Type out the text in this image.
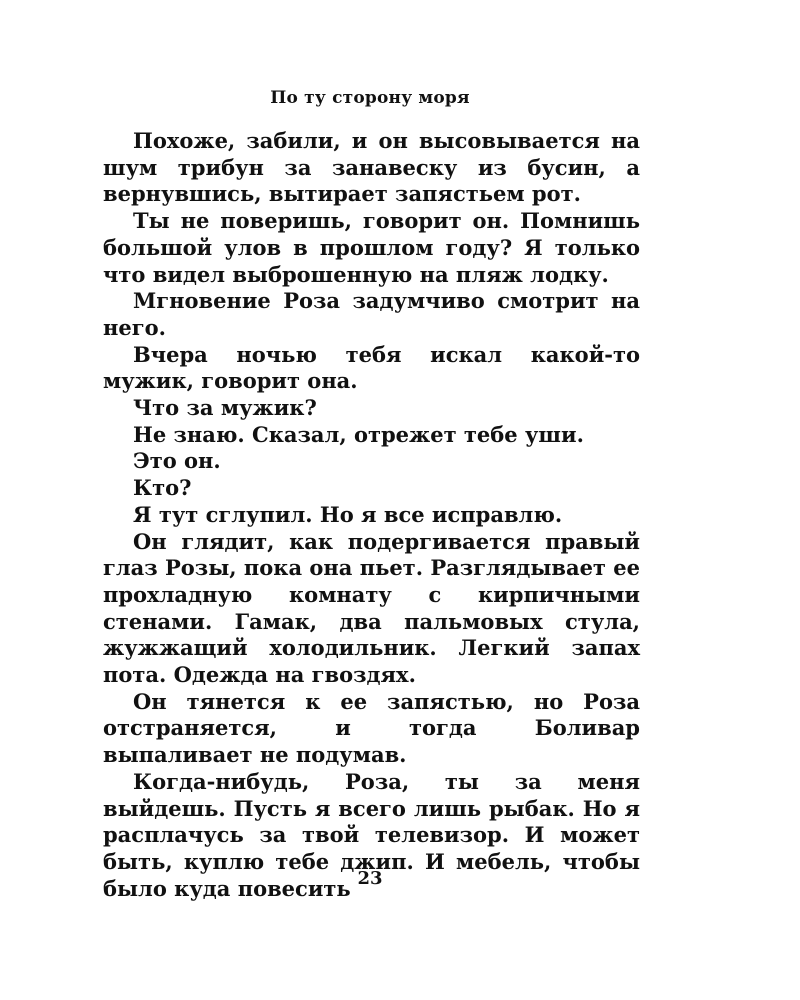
По ту сторону моря

Похоже, забили, и он высовывается на шум трибун за занавеску из бусин, а вернувшись, вытирает запястьем рот.

Ты не поверишь, говорит он. Помнишь большой улов в прошлом году? Я только что видел выброшенную на пляж лодку.

Мгновение Роза задумчиво смотрит на него.

Вчера ночью тебя искал какой-то мужик, говорит она.

Что за мужик?

Не знаю. Сказал, отрежет тебе уши.

Это он.

Кто?

Я тут сглупил. Но я все исправлю.

Он глядит, как подергивается правый глаз Розы, пока она пьет. Разглядывает ее прохладную комнату с кирпичными стенами. Гамак, два пальмовых стула, жужжащий холодильник. Легкий запах пота. Одежда на гвоздях.

Он тянется к ее запястью, но Роза отстраняется, и тогда Боливар выпаливает не подумав.

Когда-нибудь, Роза, ты за меня выйдешь. Пусть я всего лишь рыбак. Но я расплачусь за твой телевизор. И может быть, куплю тебе джип. И мебель, чтобы было куда повесить 23
